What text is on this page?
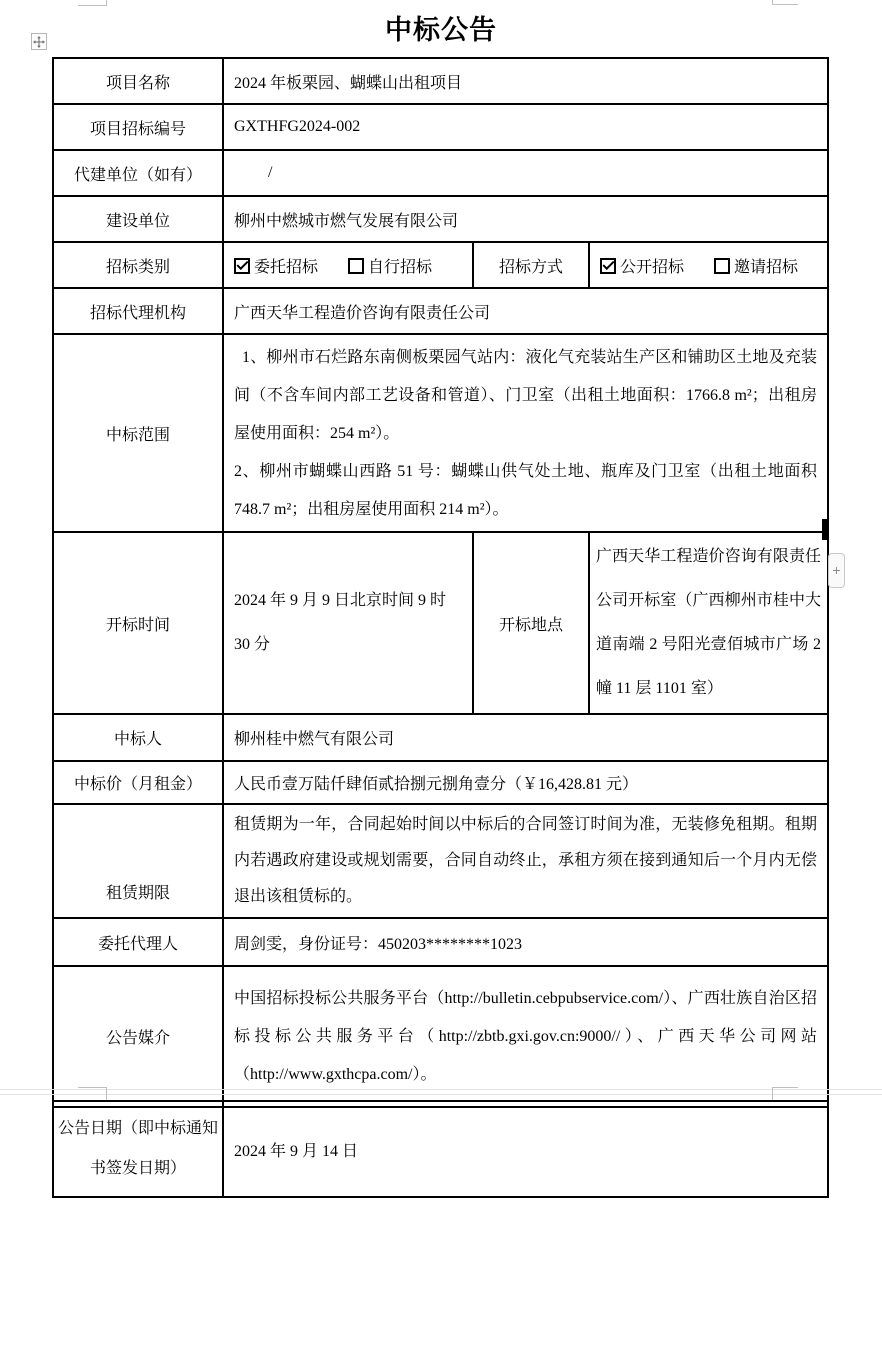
中标公告
项目名称	2024 年板栗园、蝴蝶山出租项目		
项目招标编号	GXTHFG2024-002		
代建单位（如有）	/		
建设单位	柳州中燃城市燃气发展有限公司		
招标类别	委托招标 自行招标	招标方式	公开招标 邀请招标
招标代理机构	广西天华工程造价咨询有限责任公司		
中标范围	1、柳州市石烂路东南侧板栗园气站内：液化气充装站生产区和铺助区土地及充装间（不含车间内部工艺设备和管道）、门卫室（出租土地面积：1766.8 m²；出租房屋使用面积：254 m²）。

2、柳州市蝴蝶山西路 51 号：蝴蝶山供气处土地、瓶库及门卫室（出租土地面积 748.7 m²；出租房屋使用面积 214 m²）。		

开标时间	2024 年 9 月 9 日北京时间 9 时 30 分	开标地点	广西天华工程造价咨询有限责任公司开标室（广西柳州市桂中大道南端 2 号阳光壹佰城市广场 2 幢 11 层 1101 室）
中标人	柳州桂中燃气有限公司		
中标价（月租金）	人民币壹万陆仟肆佰贰拾捌元捌角壹分（￥16,428.81 元）		
租赁期限	租赁期为一年，合同起始时间以中标后的合同签订时间为准，无装修免租期。租期内若遇政府建设或规划需要，合同自动终止，承租方须在接到通知后一个月内无偿退出该租赁标的。		
委托代理人	周剑雯，身份证号：450203********1023		
公告媒介	中国招标投标公共服务平台（http://bulletin.cebpubservice.com/）、广西壮族自治区招标投标公共服务平台（http://zbtb.gxi.gov.cn:9000//）、广西天华公司网站（http://www.gxthcpa.com/）。		
+
公告日期（即中标通知书签发日期）	2024 年 9 月 14 日
